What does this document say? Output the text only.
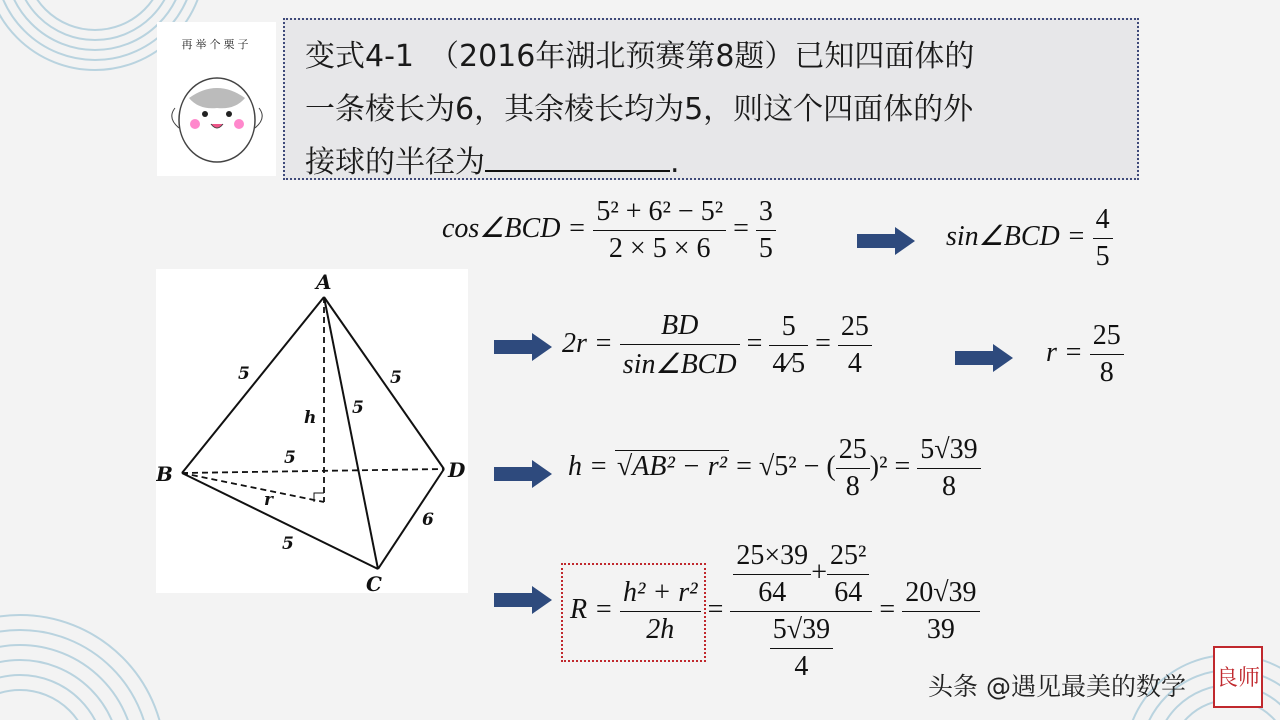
再举个栗子	变式4-1　（2016年湖北预赛第8题）已知四面体的
一条棱长为6，其余棱长均为5，则这个四面体的外
接球的半径为	.
A
B
C
D
5	5
5
5
5
6
h
r
cos∠BCD = $\frac{\text{5² + 6² − 5²}}{2 \times 5 \times 6} = \frac{3}{5}$	sin∠BCD = $\frac{4}{5}$
$2r = \frac{BD}{\text{sin∠BCD}} = \frac{5}{4⁄5} = \frac{25}{4}$	$r = \frac{25}{8}$
h = √AB² − r² = √5² − ( $\frac{25}{8} )^2 = \frac{5√39}{8}$
$R = \frac{\text{h² + r²}}{2h} = \frac{\frac{25\times 39}{64} + \frac{\text{25²}}{64}}{\frac{5√39}{4}} = \frac{20√39}{39}$
头条 @遇见最美的数学 良师
